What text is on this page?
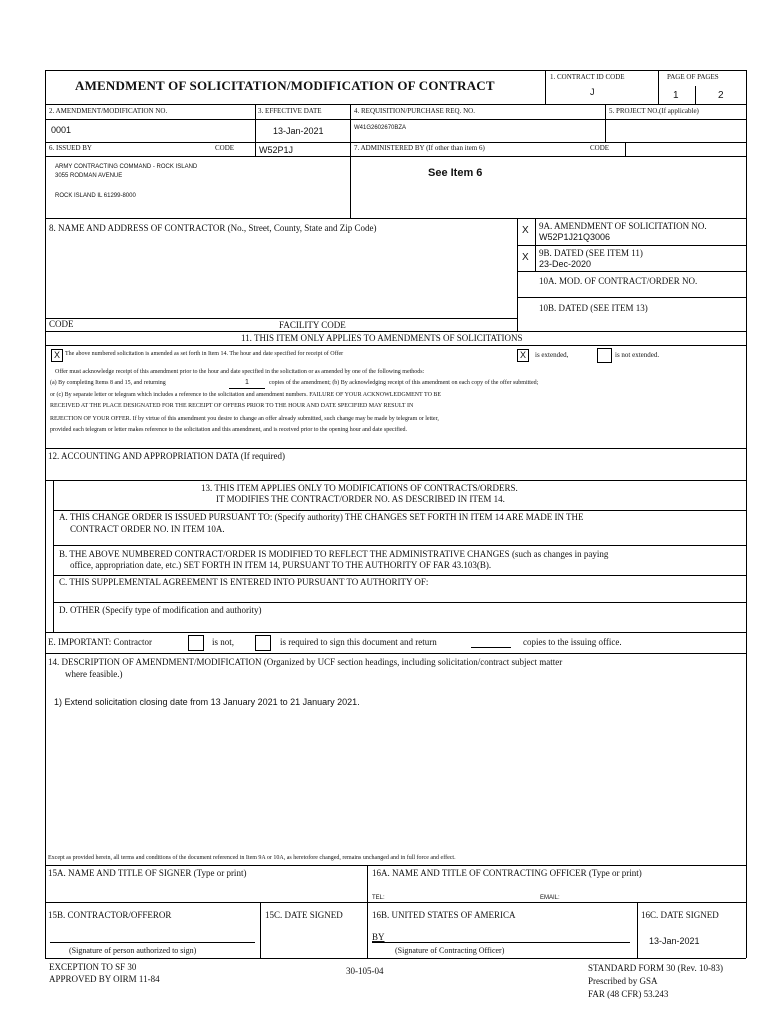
AMENDMENT OF SOLICITATION/MODIFICATION OF CONTRACT
1. CONTRACT ID CODE
J
PAGE OF PAGES
1	2
2. AMENDMENT/MODIFICATION NO.
0001
3. EFFECTIVE DATE
13-Jan-2021
4. REQUISITION/PURCHASE REQ. NO.
W41G2602670BZA
5. PROJECT NO.(If applicable)
6. ISSUED BY	CODE	W52P1J
ARMY CONTRACTING COMMAND - ROCK ISLAND
3055 RODMAN AVENUE
ROCK ISLAND IL 61299-8000
7. ADMINISTERED BY (If other than item 6)	CODE
See Item 6
8. NAME AND ADDRESS OF CONTRACTOR (No., Street, County, State and Zip Code)	X 9A. AMENDMENT OF SOLICITATION NO.
W52P1J21Q3006
X 9B. DATED (SEE ITEM 11)
23-Dec-2020
10A. MOD. OF CONTRACT/ORDER NO.
10B. DATED (SEE ITEM 13)
CODE	FACILITY CODE
11. THIS ITEM ONLY APPLIES TO AMENDMENTS OF SOLICITATIONS
X The above numbered solicitation is amended as set forth in Item 14. The hour and date specified for receipt of Offer	X	is extended,	is not extended.
Offer must acknowledge receipt of this amendment prior to the hour and date specified in the solicitation or as amended by one of the following methods:
(a) By completing Items 8 and 15, and returning	1	copies of the amendment; (b) By acknowledging receipt of this amendment on each copy of the offer submitted;
or (c) By separate letter or telegram which includes a reference to the solicitation and amendment numbers. FAILURE OF YOUR ACKNOWLEDGMENT TO BE
RECEIVED AT THE PLACE DESIGNATED FOR THE RECEIPT OF OFFERS PRIOR TO THE HOUR AND DATE SPECIFIED MAY RESULT IN
REJECTION OF YOUR OFFER. If by virtue of this amendment you desire to change an offer already submitted, such change may be made by telegram or letter,
provided each telegram or letter makes reference to the solicitation and this amendment, and is received prior to the opening hour and date specified.
12. ACCOUNTING AND APPROPRIATION DATA (If required)
13. THIS ITEM APPLIES ONLY TO MODIFICATIONS OF CONTRACTS/ORDERS.
IT MODIFIES THE CONTRACT/ORDER NO. AS DESCRIBED IN ITEM 14.
A. THIS CHANGE ORDER IS ISSUED PURSUANT TO: (Specify authority) THE CHANGES SET FORTH IN ITEM 14 ARE MADE IN THE
CONTRACT ORDER NO. IN ITEM 10A.
B. THE ABOVE NUMBERED CONTRACT/ORDER IS MODIFIED TO REFLECT THE ADMINISTRATIVE CHANGES (such as changes in paying
office, appropriation date, etc.) SET FORTH IN ITEM 14, PURSUANT TO THE AUTHORITY OF FAR 43.103(B).
C. THIS SUPPLEMENTAL AGREEMENT IS ENTERED INTO PURSUANT TO AUTHORITY OF:
D. OTHER (Specify type of modification and authority)
E. IMPORTANT: Contractor	is not,	is required to sign this document and return	copies to the issuing office.
14. DESCRIPTION OF AMENDMENT/MODIFICATION (Organized by UCF section headings, including solicitation/contract subject matter
where feasible.)
1) Extend solicitation closing date from 13 January 2021 to 21 January 2021.
Except as provided herein, all terms and conditions of the document referenced in Item 9A or 10A, as heretofore changed, remains unchanged and in full force and effect.
15A. NAME AND TITLE OF SIGNER (Type or print)	16A. NAME AND TITLE OF CONTRACTING OFFICER (Type or print)
TEL:	EMAIL:
15B. CONTRACTOR/OFFEROR	15C. DATE SIGNED	16B. UNITED STATES OF AMERICA	16C. DATE SIGNED
(Signature of person authorized to sign)
BY
(Signature of Contracting Officer)
13-Jan-2021
EXCEPTION TO SF 30
APPROVED BY OIRM 11-84
30-105-04	STANDARD FORM 30 (Rev. 10-83)
Prescribed by GSA
FAR (48 CFR) 53.243
